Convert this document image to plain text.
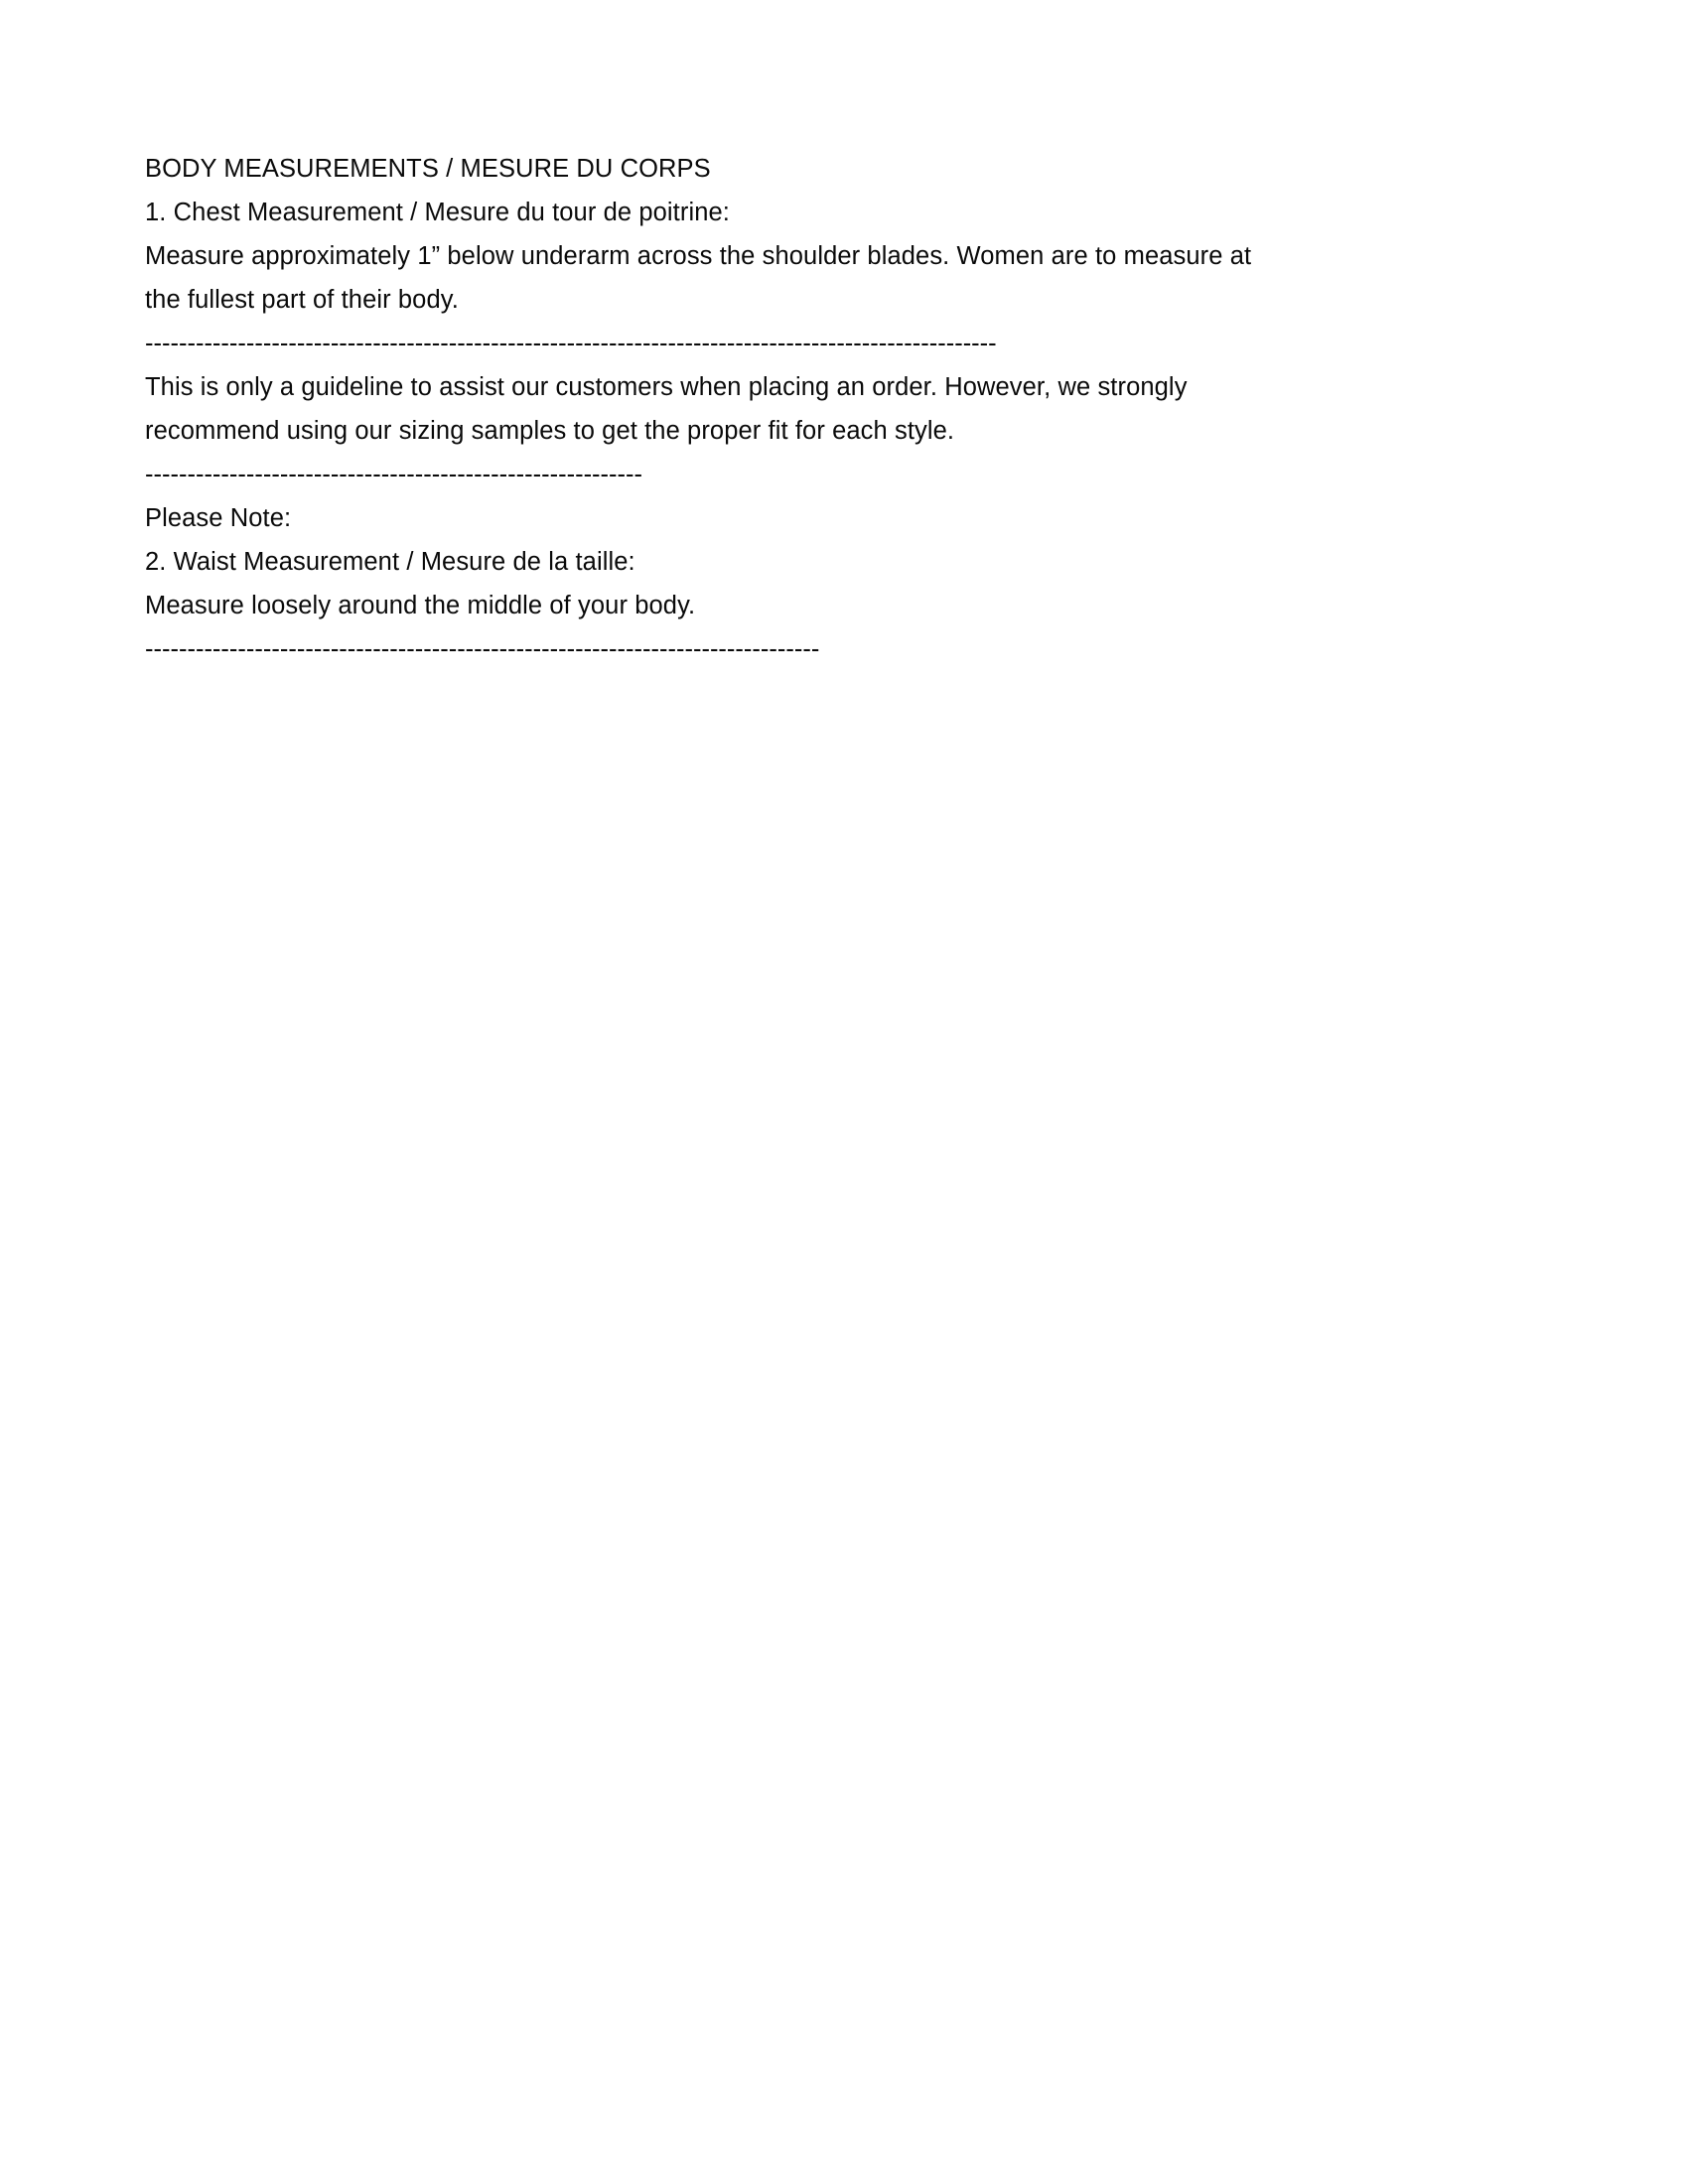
BODY MEASUREMENTS / MESURE DU CORPS
1. Chest Measurement / Mesure du tour de poitrine:
Measure approximately 1” below underarm across the shoulder blades. Women are to measure at the fullest part of their body.
-----------------------------------------------------------------------------------------------------
This is only a guideline to assist our customers when placing an order. However, we strongly recommend using our sizing samples to get the proper fit for each style.
-----------------------------------------------------------
Please Note:
2. Waist Measurement / Mesure de la taille:
Measure loosely around the middle of your body.
--------------------------------------------------------------------------------
